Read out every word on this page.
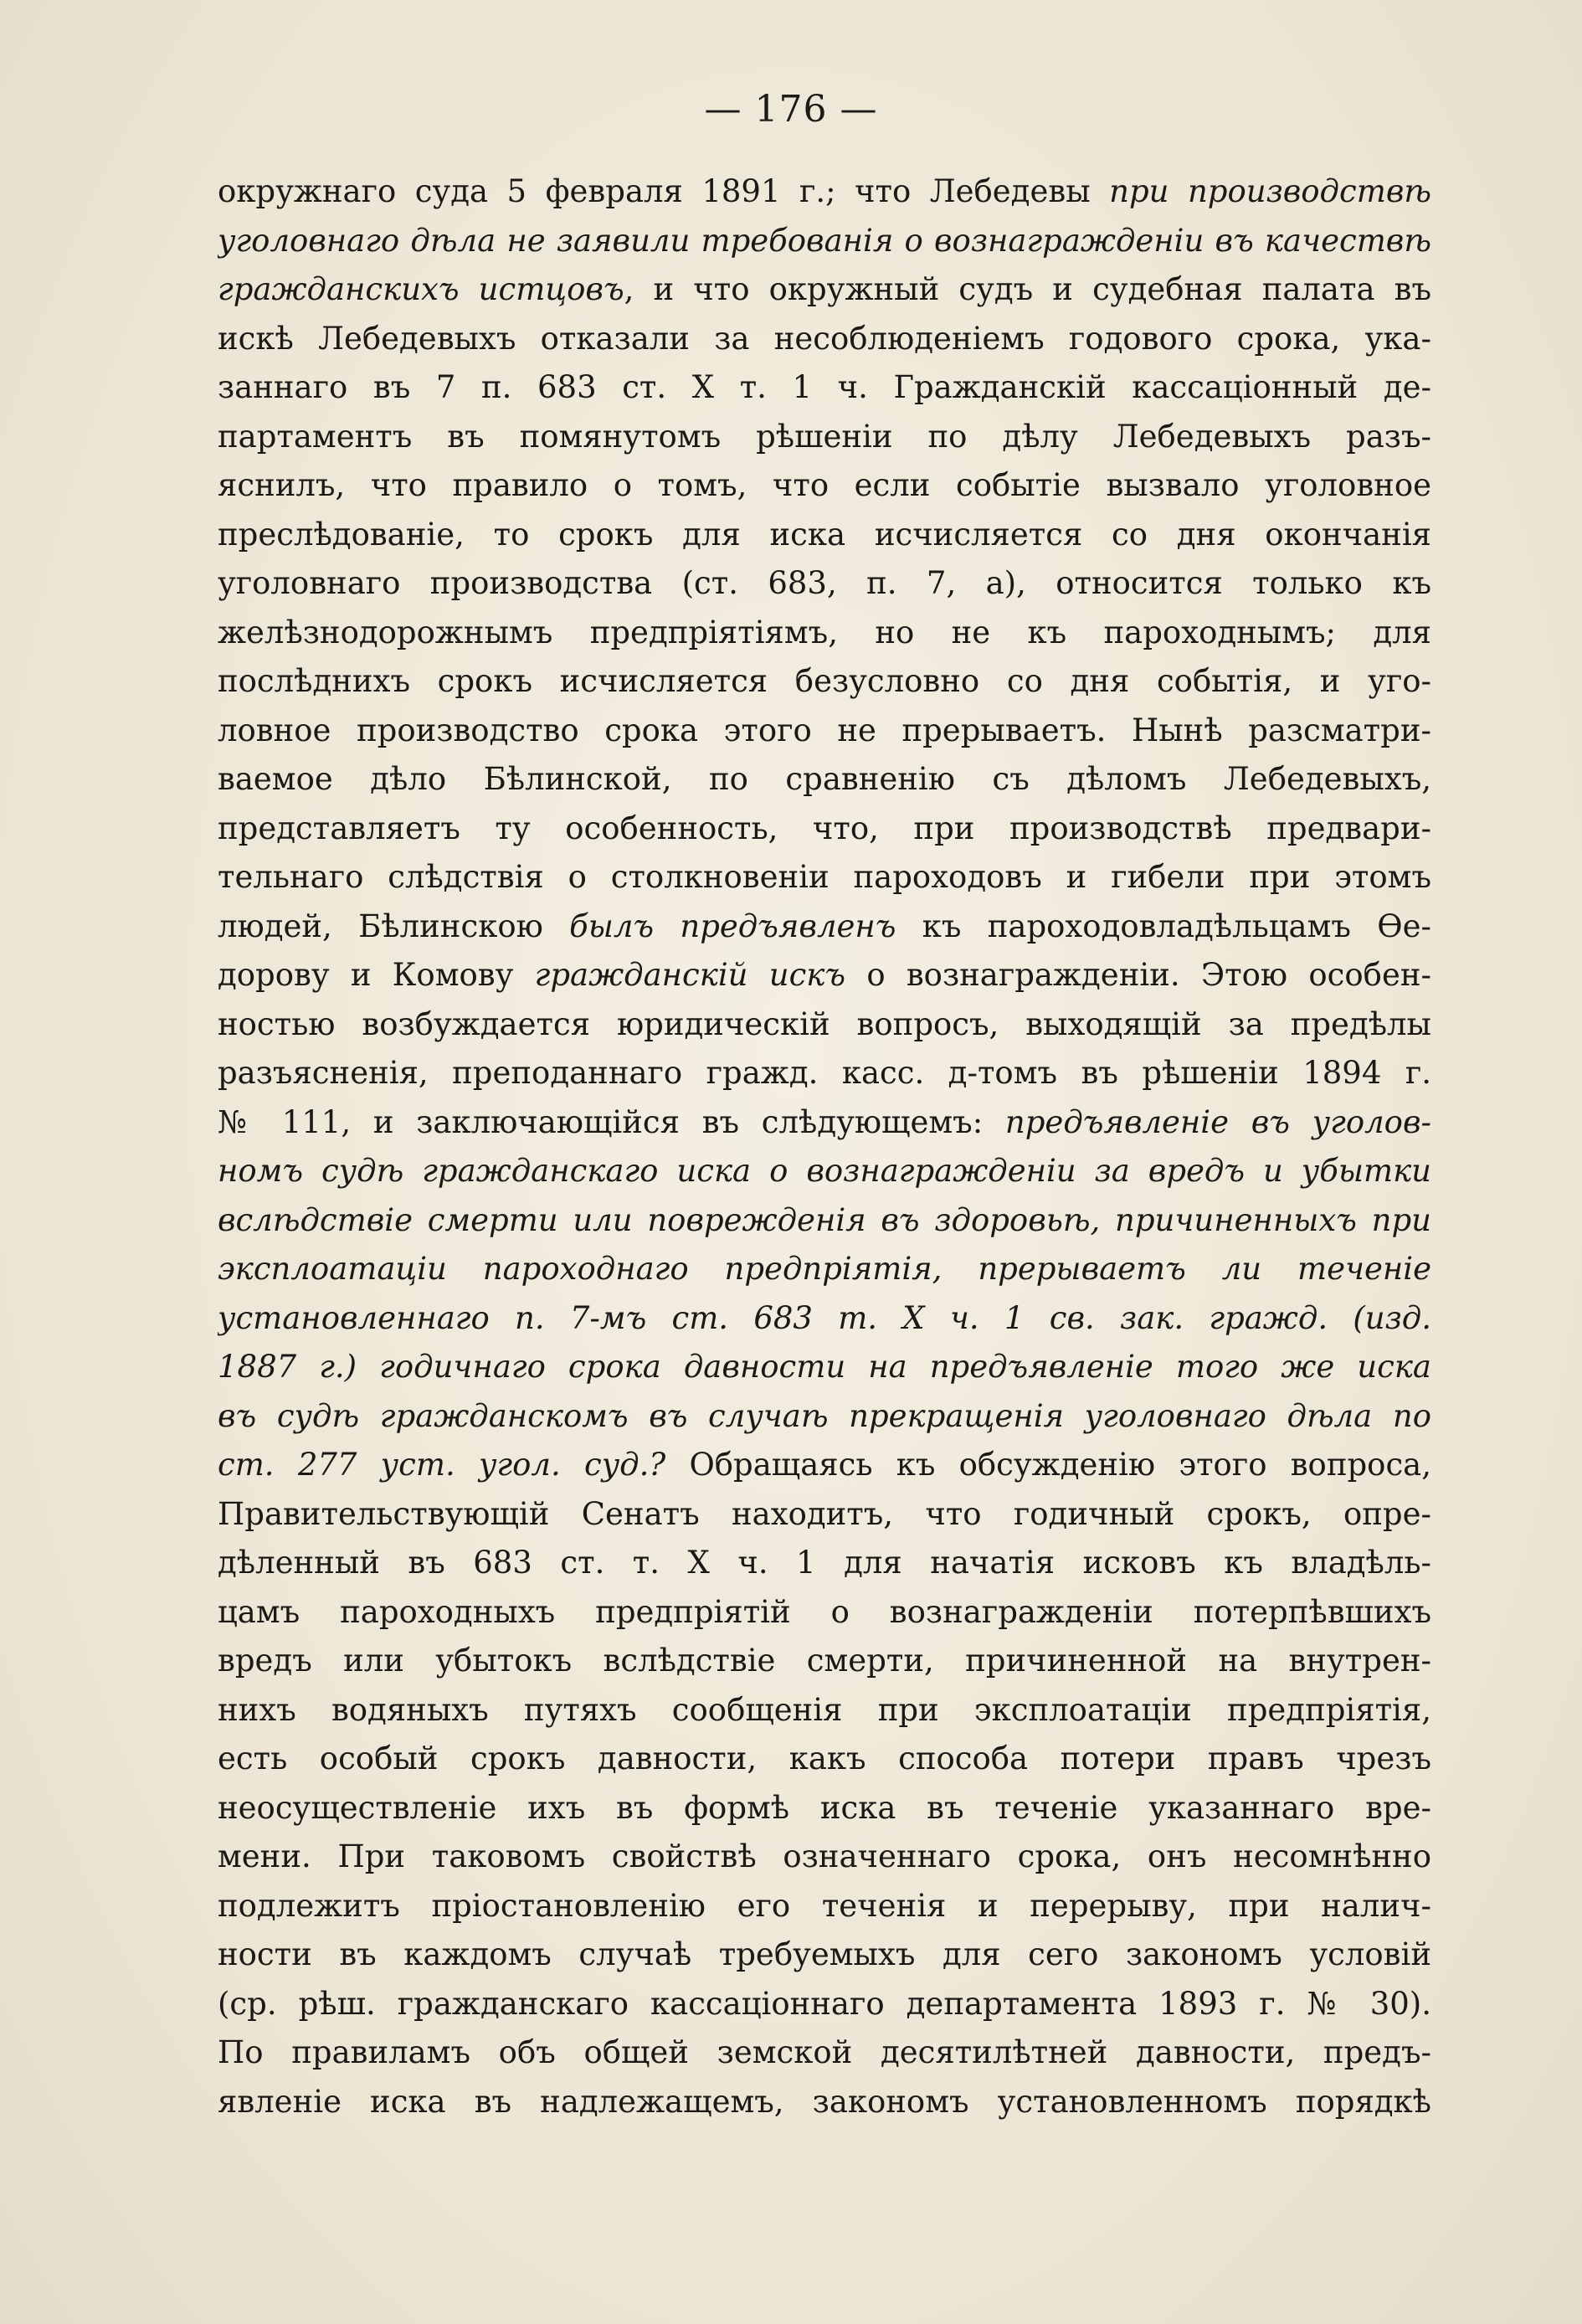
— 176 —
окружнаго суда 5 февраля 1891 г.; что Лебедевы при производствѣ
уголовнаго дѣла не заявили требованія о вознагражденіи въ качествѣ
гражданскихъ истцовъ, и что окружный судъ и судебная палата въ
искѣ Лебедевыхъ отказали за несоблюденіемъ годового срока, ука-
заннаго въ 7 п. 683 ст. X т. 1 ч. Гражданскій кассаціонный де-
партаментъ въ помянутомъ рѣшеніи по дѣлу Лебедевыхъ разъ-
яснилъ, что правило о томъ, что если событіе вызвало уголовное
преслѣдованіе, то срокъ для иска исчисляется со дня окончанія
уголовнаго производства (ст. 683, п. 7, а), относится только къ
желѣзнодорожнымъ предпріятіямъ, но не къ пароходнымъ; для
послѣднихъ срокъ исчисляется безусловно со дня событія, и уго-
ловное производство срока этого не прерываетъ. Нынѣ разсматри-
ваемое дѣло Бѣлинской, по сравненію съ дѣломъ Лебедевыхъ,
представляетъ ту особенность, что, при производствѣ предвари-
тельнаго слѣдствія о столкновеніи пароходовъ и гибели при этомъ
людей, Бѣлинскою былъ предъявленъ къ пароходовладѣльцамъ Ѳе-
дорову и Комову гражданскій искъ о вознагражденіи. Этою особен-
ностью возбуждается юридическій вопросъ, выходящій за предѣлы
разъясненія, преподаннаго гражд. касс. д-томъ въ рѣшеніи 1894 г.
№ 111, и заключающійся въ слѣдующемъ: предъявленіе въ уголов-
номъ судѣ гражданскаго иска о вознагражденіи за вредъ и убытки
вслѣдствіе смерти или поврежденія въ здоровьѣ, причиненныхъ при
эксплоатаціи пароходнаго предпріятія, прерываетъ ли теченіе
установленнаго п. 7-мъ ст. 683 т. X ч. 1 св. зак. гражд. (изд.
1887 г.) годичнаго срока давности на предъявленіе того же иска
въ судѣ гражданскомъ въ случаѣ прекращенія уголовнаго дѣла по
ст. 277 уст. угол. суд.? Обращаясь къ обсужденію этого вопроса,
Правительствующій Сенатъ находитъ, что годичный срокъ, опре-
дѣленный въ 683 ст. т. X ч. 1 для начатія исковъ къ владѣль-
цамъ пароходныхъ предпріятій о вознагражденіи потерпѣвшихъ
вредъ или убытокъ вслѣдствіе смерти, причиненной на внутрен-
нихъ водяныхъ путяхъ сообщенія при эксплоатаціи предпріятія,
есть особый срокъ давности, какъ способа потери правъ чрезъ
неосуществленіе ихъ въ формѣ иска въ теченіе указаннаго вре-
мени. При таковомъ свойствѣ означеннаго срока, онъ несомнѣнно
подлежитъ пріостановленію его теченія и перерыву, при налич-
ности въ каждомъ случаѣ требуемыхъ для сего закономъ условій
(ср. рѣш. гражданскаго кассаціоннаго департамента 1893 г. № 30).
По правиламъ объ общей земской десятилѣтней давности, предъ-
явленіе иска въ надлежащемъ, закономъ установленномъ порядкѣ
